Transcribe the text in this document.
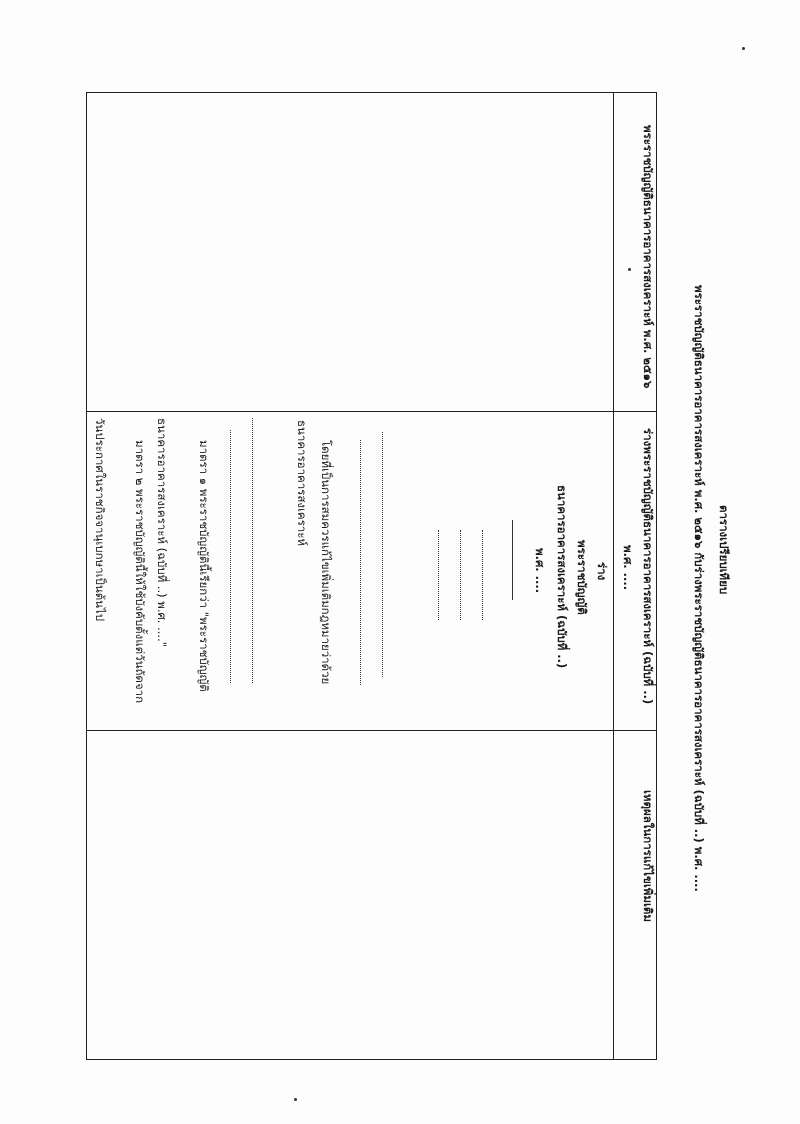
ตารางเปรียบเทียบ
พระราชบัญญัติธนาคารอาคารสงเคราะห์ พ.ศ. ๒๕๑๖ กับร่างพระราชบัญญัติธนาคารอาคารสงเคราะห์ (ฉบับที่ ..) พ.ศ. ....
พระราชบัญญัติธนาคารอาคารสงเคราะห์ พ.ศ. ๒๕๑๖
ร่างพระราชบัญญัติธนาคารอาคารสงเคราะห์ (ฉบับที่ ..)
พ.ศ. ....
เหตุผลในการแก้ไขเพิ่มเติม
ร่าง
พระราชบัญญัติ
ธนาคารอาคารสงเคราะห์ (ฉบับที่ ..)
พ.ศ. ....
โดยที่เป็นการสมควรแก้ไขเพิ่มเติมกฎหมายว่าด้วย
ธนาคารอาคารสงเคราะห์
มาตรา ๑ พระราชบัญญัตินี้เรียกว่า "พระราชบัญญัติ
ธนาคารอาคารสงเคราะห์ (ฉบับที่ ..) พ.ศ. ...."
มาตรา ๒ พระราชบัญญัตินี้ให้ใช้บังคับตั้งแต่วันถัดจาก
วันประกาศในราชกิจจานุเบกษาเป็นต้นไป
